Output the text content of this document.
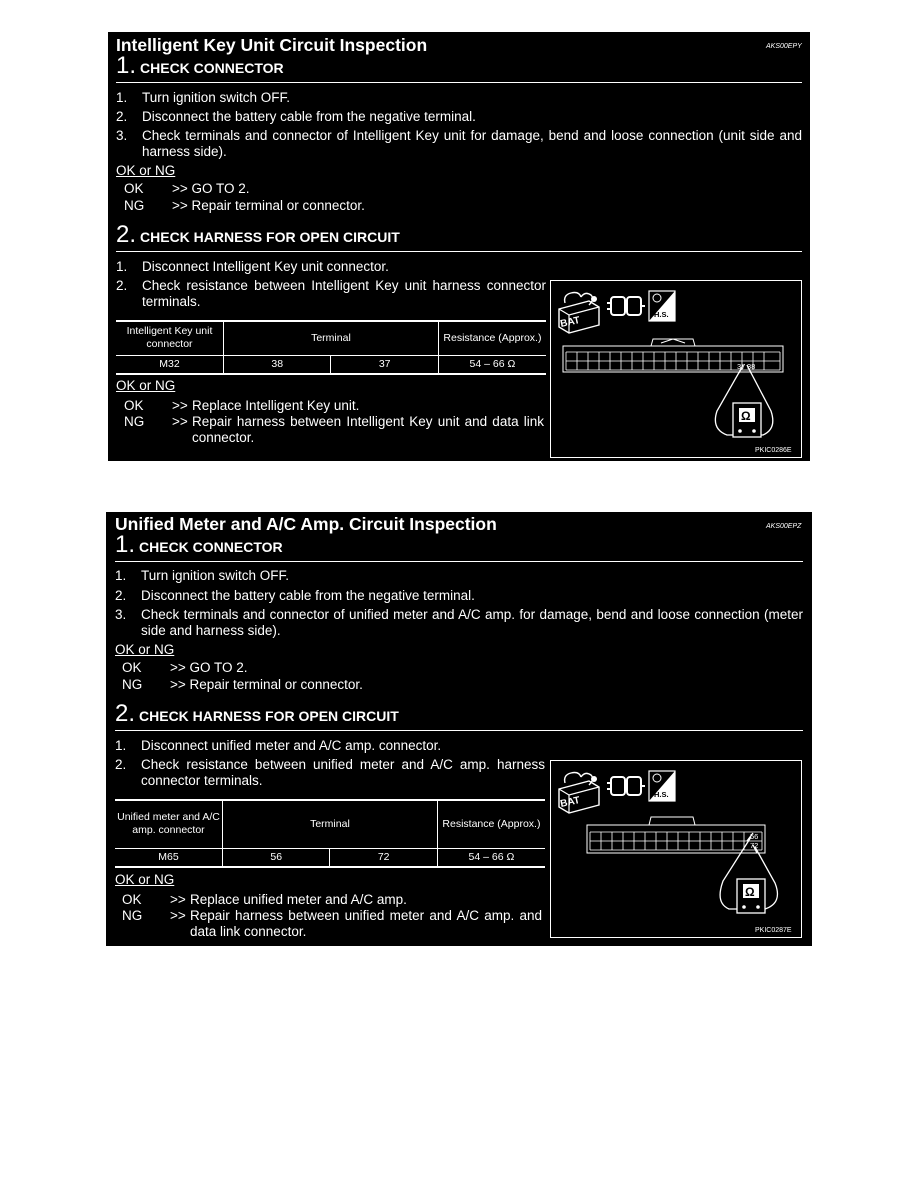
Intelligent Key Unit Circuit Inspection	AKS00EPY
1. CHECK CONNECTOR
1. Turn ignition switch OFF.
2. Disconnect the battery cable from the negative terminal.
3. Check terminals and connector of Intelligent Key unit for damage, bend and loose connection (unit side and harness side).
OK or NG
OK >> GO TO 2.
NG >> Repair terminal or connector.
2. CHECK HARNESS FOR OPEN CIRCUIT
1. Disconnect Intelligent Key unit connector.
2. Check resistance between Intelligent Key unit harness connector terminals.
Intelligent Key unit connector	Terminal		Resistance (Approx.)
M32	38	37	54 – 66 Ω
OK or NG
OK >> Replace Intelligent Key unit.
NG >> Repair harness between Intelligent Key unit and data link connector.
BAT
H.S.
37 38
Ω
PKIC0286E
Unified Meter and A/C Amp. Circuit Inspection	AKS00EPZ
1. CHECK CONNECTOR
1. Turn ignition switch OFF.
2. Disconnect the battery cable from the negative terminal.
3. Check terminals and connector of unified meter and A/C amp. for damage, bend and loose connection (meter side and harness side).
OK or NG
OK >> GO TO 2.
NG >> Repair terminal or connector.
2. CHECK HARNESS FOR OPEN CIRCUIT
1. Disconnect unified meter and A/C amp. connector.
2. Check resistance between unified meter and A/C amp. harness connector terminals.
Unified meter and A/C amp. connector	Terminal		Resistance (Approx.)
M65	56	72	54 – 66 Ω
OK or NG
OK >> Replace unified meter and A/C amp.
NG >> Repair harness between unified meter and A/C amp. and data link connector.
BAT
H.S.
56
72
Ω
PKIC0287E
